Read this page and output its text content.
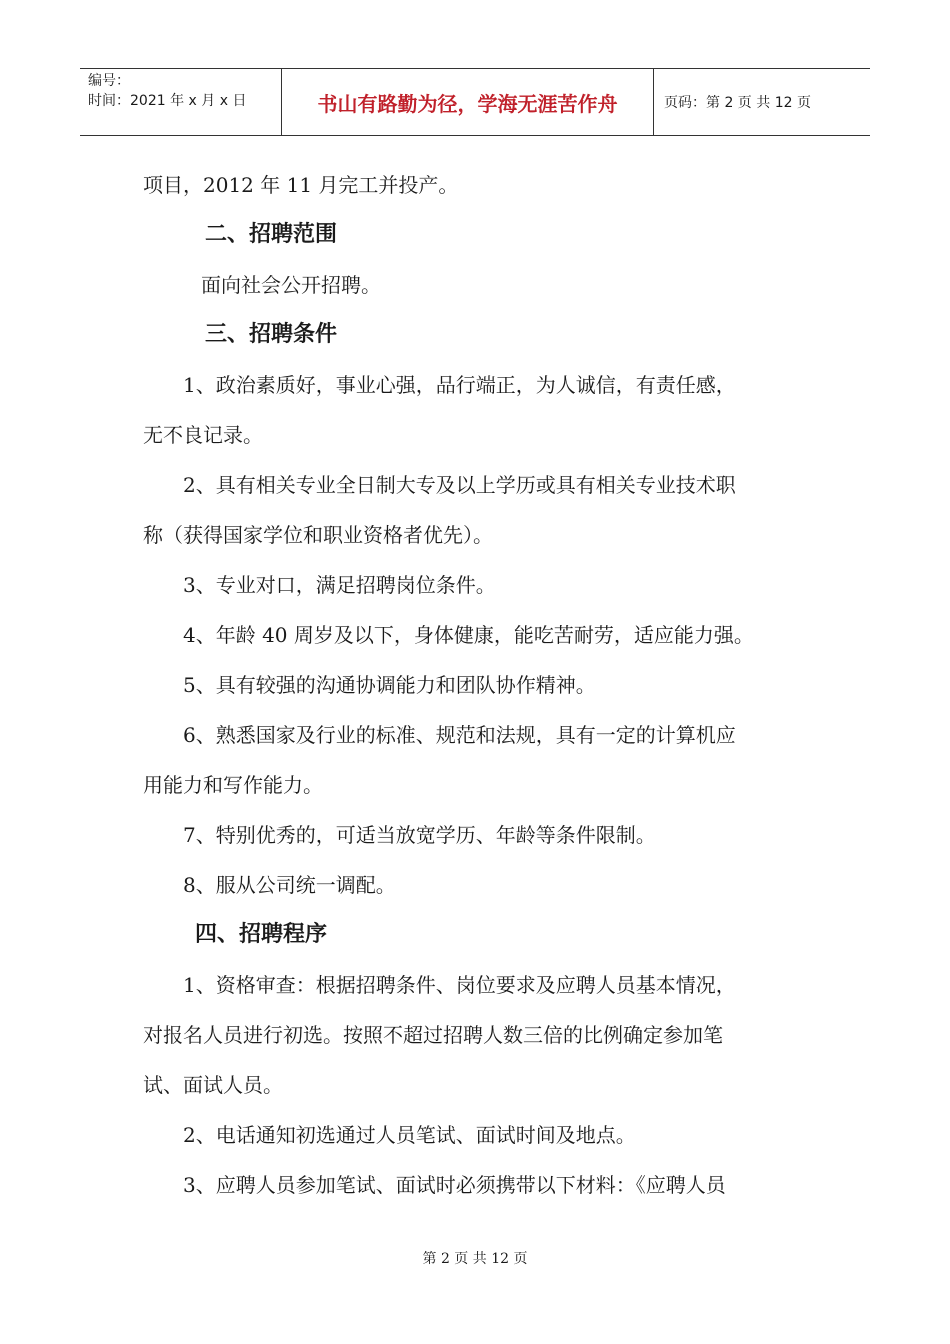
编号：
时间：2021 年 x 月 x 日	书山有路勤为径，学海无涯苦作舟	页码：第 2 页 共 12 页

项目，2012 年 11 月完工并投产。

二、招聘范围

面向社会公开招聘。

三、招聘条件

1、政治素质好，事业心强，品行端正，为人诚信，有责任感，

无不良记录。

2、具有相关专业全日制大专及以上学历或具有相关专业技术职

称（获得国家学位和职业资格者优先）。

3、专业对口，满足招聘岗位条件。

4、年龄 40 周岁及以下，身体健康，能吃苦耐劳，适应能力强。

5、具有较强的沟通协调能力和团队协作精神。

6、熟悉国家及行业的标准、规范和法规，具有一定的计算机应

用能力和写作能力。

7、特别优秀的，可适当放宽学历、年龄等条件限制。

8、服从公司统一调配。

四、招聘程序

1、资格审查：根据招聘条件、岗位要求及应聘人员基本情况，

对报名人员进行初选。按照不超过招聘人数三倍的比例确定参加笔

试、面试人员。

2、电话通知初选通过人员笔试、面试时间及地点。

3、应聘人员参加笔试、面试时必须携带以下材料：《应聘人员

第 2 页 共 12 页
